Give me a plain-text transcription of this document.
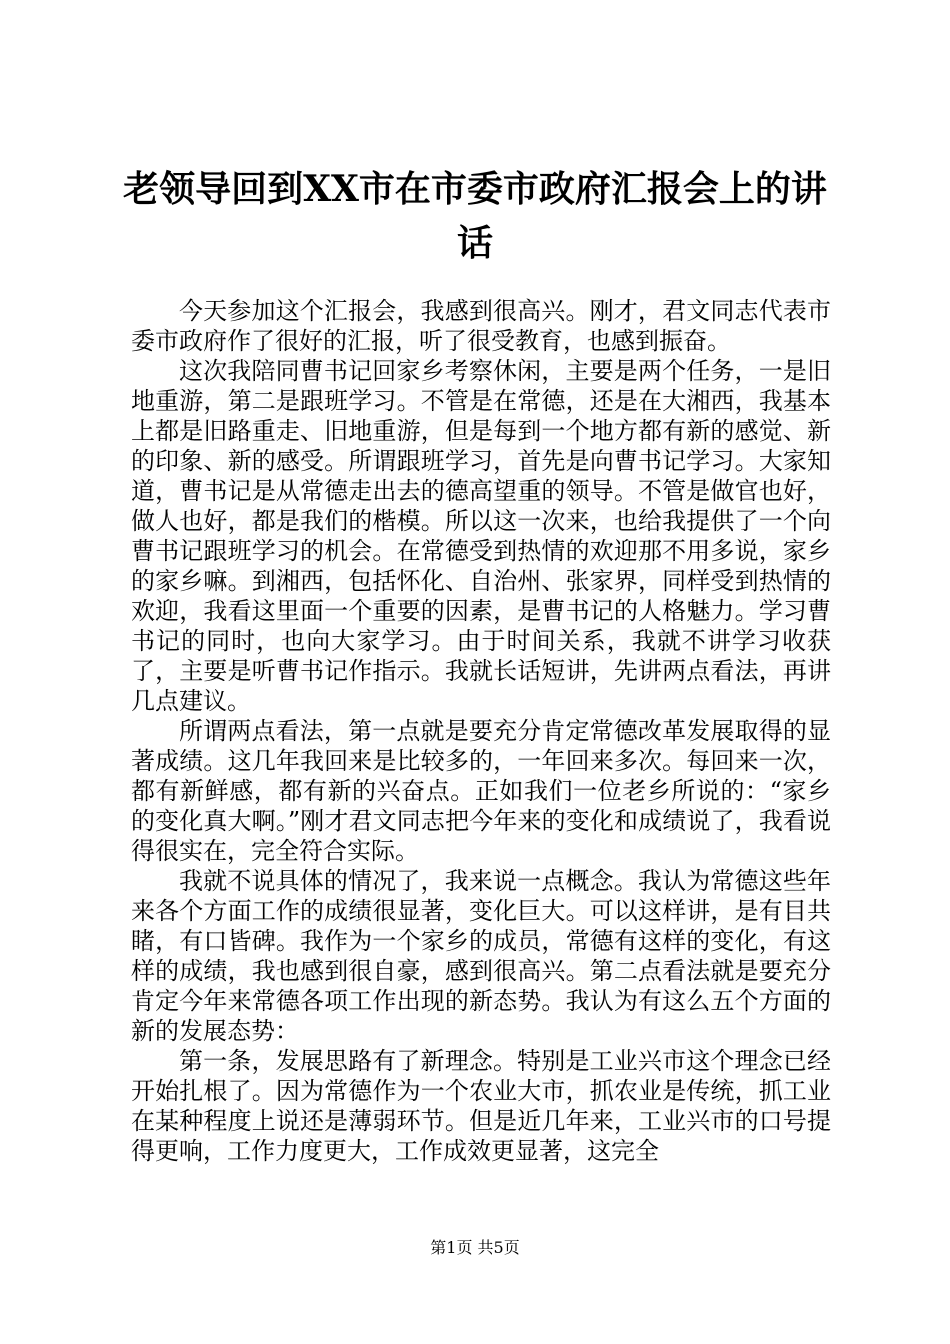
老领导回到XX市在市委市政府汇报会上的讲
话

今天参加这个汇报会，我感到很高兴。刚才，君文同志代表市委市政府作了很好的汇报，听了很受教育，也感到振奋。

这次我陪同曹书记回家乡考察休闲，主要是两个任务，一是旧地重游，第二是跟班学习。不管是在常德，还是在大湘西，我基本上都是旧路重走、旧地重游，但是每到一个地方都有新的感觉、新的印象、新的感受。所谓跟班学习，首先是向曹书记学习。大家知道，曹书记是从常德走出去的德高望重的领导。不管是做官也好，做人也好，都是我们的楷模。所以这一次来，也给我提供了一个向曹书记跟班学习的机会。在常德受到热情的欢迎那不用多说，家乡的家乡嘛。到湘西，包括怀化、自治州、张家界，同样受到热情的欢迎，我看这里面一个重要的因素，是曹书记的人格魅力。学习曹书记的同时，也向大家学习。由于时间关系，我就不讲学习收获了，主要是听曹书记作指示。我就长话短讲，先讲两点看法，再讲几点建议。

所谓两点看法，第一点就是要充分肯定常德改革发展取得的显著成绩。这几年我回来是比较多的，一年回来多次。每回来一次，都有新鲜感，都有新的兴奋点。正如我们一位老乡所说的：“家乡的变化真大啊。”刚才君文同志把今年来的变化和成绩说了，我看说得很实在，完全符合实际。

我就不说具体的情况了，我来说一点概念。我认为常德这些年来各个方面工作的成绩很显著，变化巨大。可以这样讲，是有目共睹，有口皆碑。我作为一个家乡的成员，常德有这样的变化，有这样的成绩，我也感到很自豪，感到很高兴。第二点看法就是要充分肯定今年来常德各项工作出现的新态势。我认为有这么五个方面的新的发展态势：

第一条，发展思路有了新理念。特别是工业兴市这个理念已经开始扎根了。因为常德作为一个农业大市，抓农业是传统，抓工业在某种程度上说还是薄弱环节。但是近几年来，工业兴市的口号提得更响，工作力度更大，工作成效更显著，这完全

第1页 共5页
